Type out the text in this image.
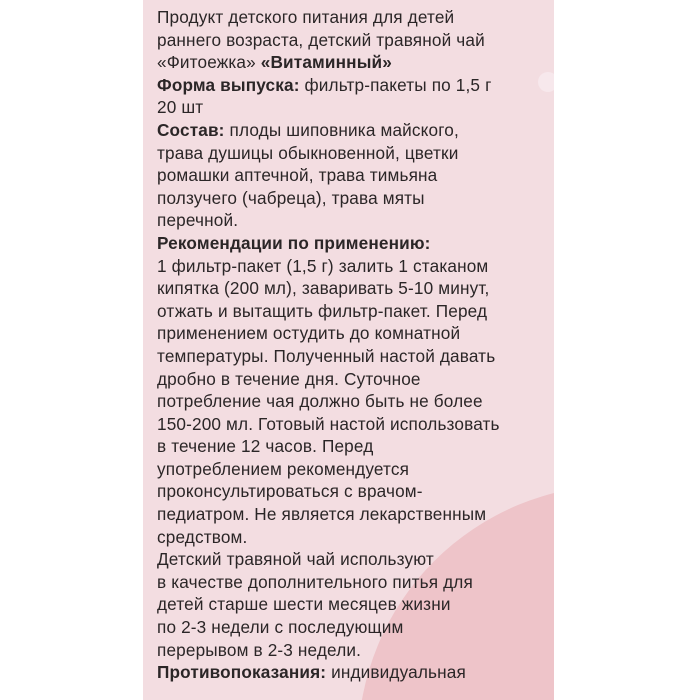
Продукт детского питания для детей
раннего возраста, детский травяной чай
«Фитоежка» «Витаминный»
Форма выпуска: фильтр-пакеты по 1,5 г
20 шт
Состав: плоды шиповника майского,
трава душицы обыкновенной, цветки
ромашки аптечной, трава тимьяна
ползучего (чабреца), трава мяты
перечной.
Рекомендации по применению:
1 фильтр-пакет (1,5 г) залить 1 стаканом
кипятка (200 мл), заваривать 5-10 минут,
отжать и вытащить фильтр-пакет. Перед
применением остудить до комнатной
температуры. Полученный настой давать
дробно в течение дня. Суточное
потребление чая должно быть не более
150-200 мл. Готовый настой использовать
в течение 12 часов. Перед
употреблением рекомендуется
проконсультироваться с врачом-
педиатром. Не является лекарственным
средством.
Детский травяной чай используют
в качестве дополнительного питья для
детей старше шести месяцев жизни
по 2-3 недели с последующим
перерывом в 2-3 недели.
Противопоказания: индивидуальная
